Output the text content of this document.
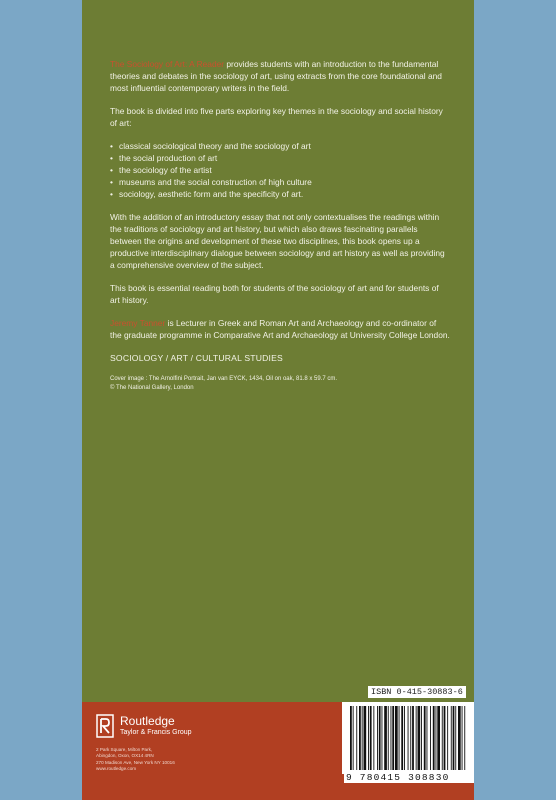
The Sociology of Art: A Reader provides students with an introduction to the fundamental theories and debates in the sociology of art, using extracts from the core foundational and most influential contemporary writers in the field.

The book is divided into five parts exploring key themes in the sociology and social history of art:

• classical sociological theory and the sociology of art
• the social production of art
• the sociology of the artist
• museums and the social construction of high culture
• sociology, aesthetic form and the specificity of art.

With the addition of an introductory essay that not only contextualises the readings within the traditions of sociology and art history, but which also draws fascinating parallels between the origins and development of these two disciplines, this book opens up a productive interdisciplinary dialogue between sociology and art history as well as providing a comprehensive overview of the subject.

This book is essential reading both for students of the sociology of art and for students of art history.

Jeremy Tanner is Lecturer in Greek and Roman Art and Archaeology and co-ordinator of the graduate programme in Comparative Art and Archaeology at University College London.

SOCIOLOGY / ART / CULTURAL STUDIES

Cover image : The Arnolfini Portrait, Jan van EYCK, 1434, Oil on oak, 81.8 x 59.7 cm.
© The National Gallery, London
Routledge
Taylor & Francis Group
2 Park Square, Milton Park,
Abingdon, Oxon, OX14 4RN
270 Madison Ave, New York NY 10016
www.routledge.com
ISBN 0-415-30883-6
9 780415 308830
